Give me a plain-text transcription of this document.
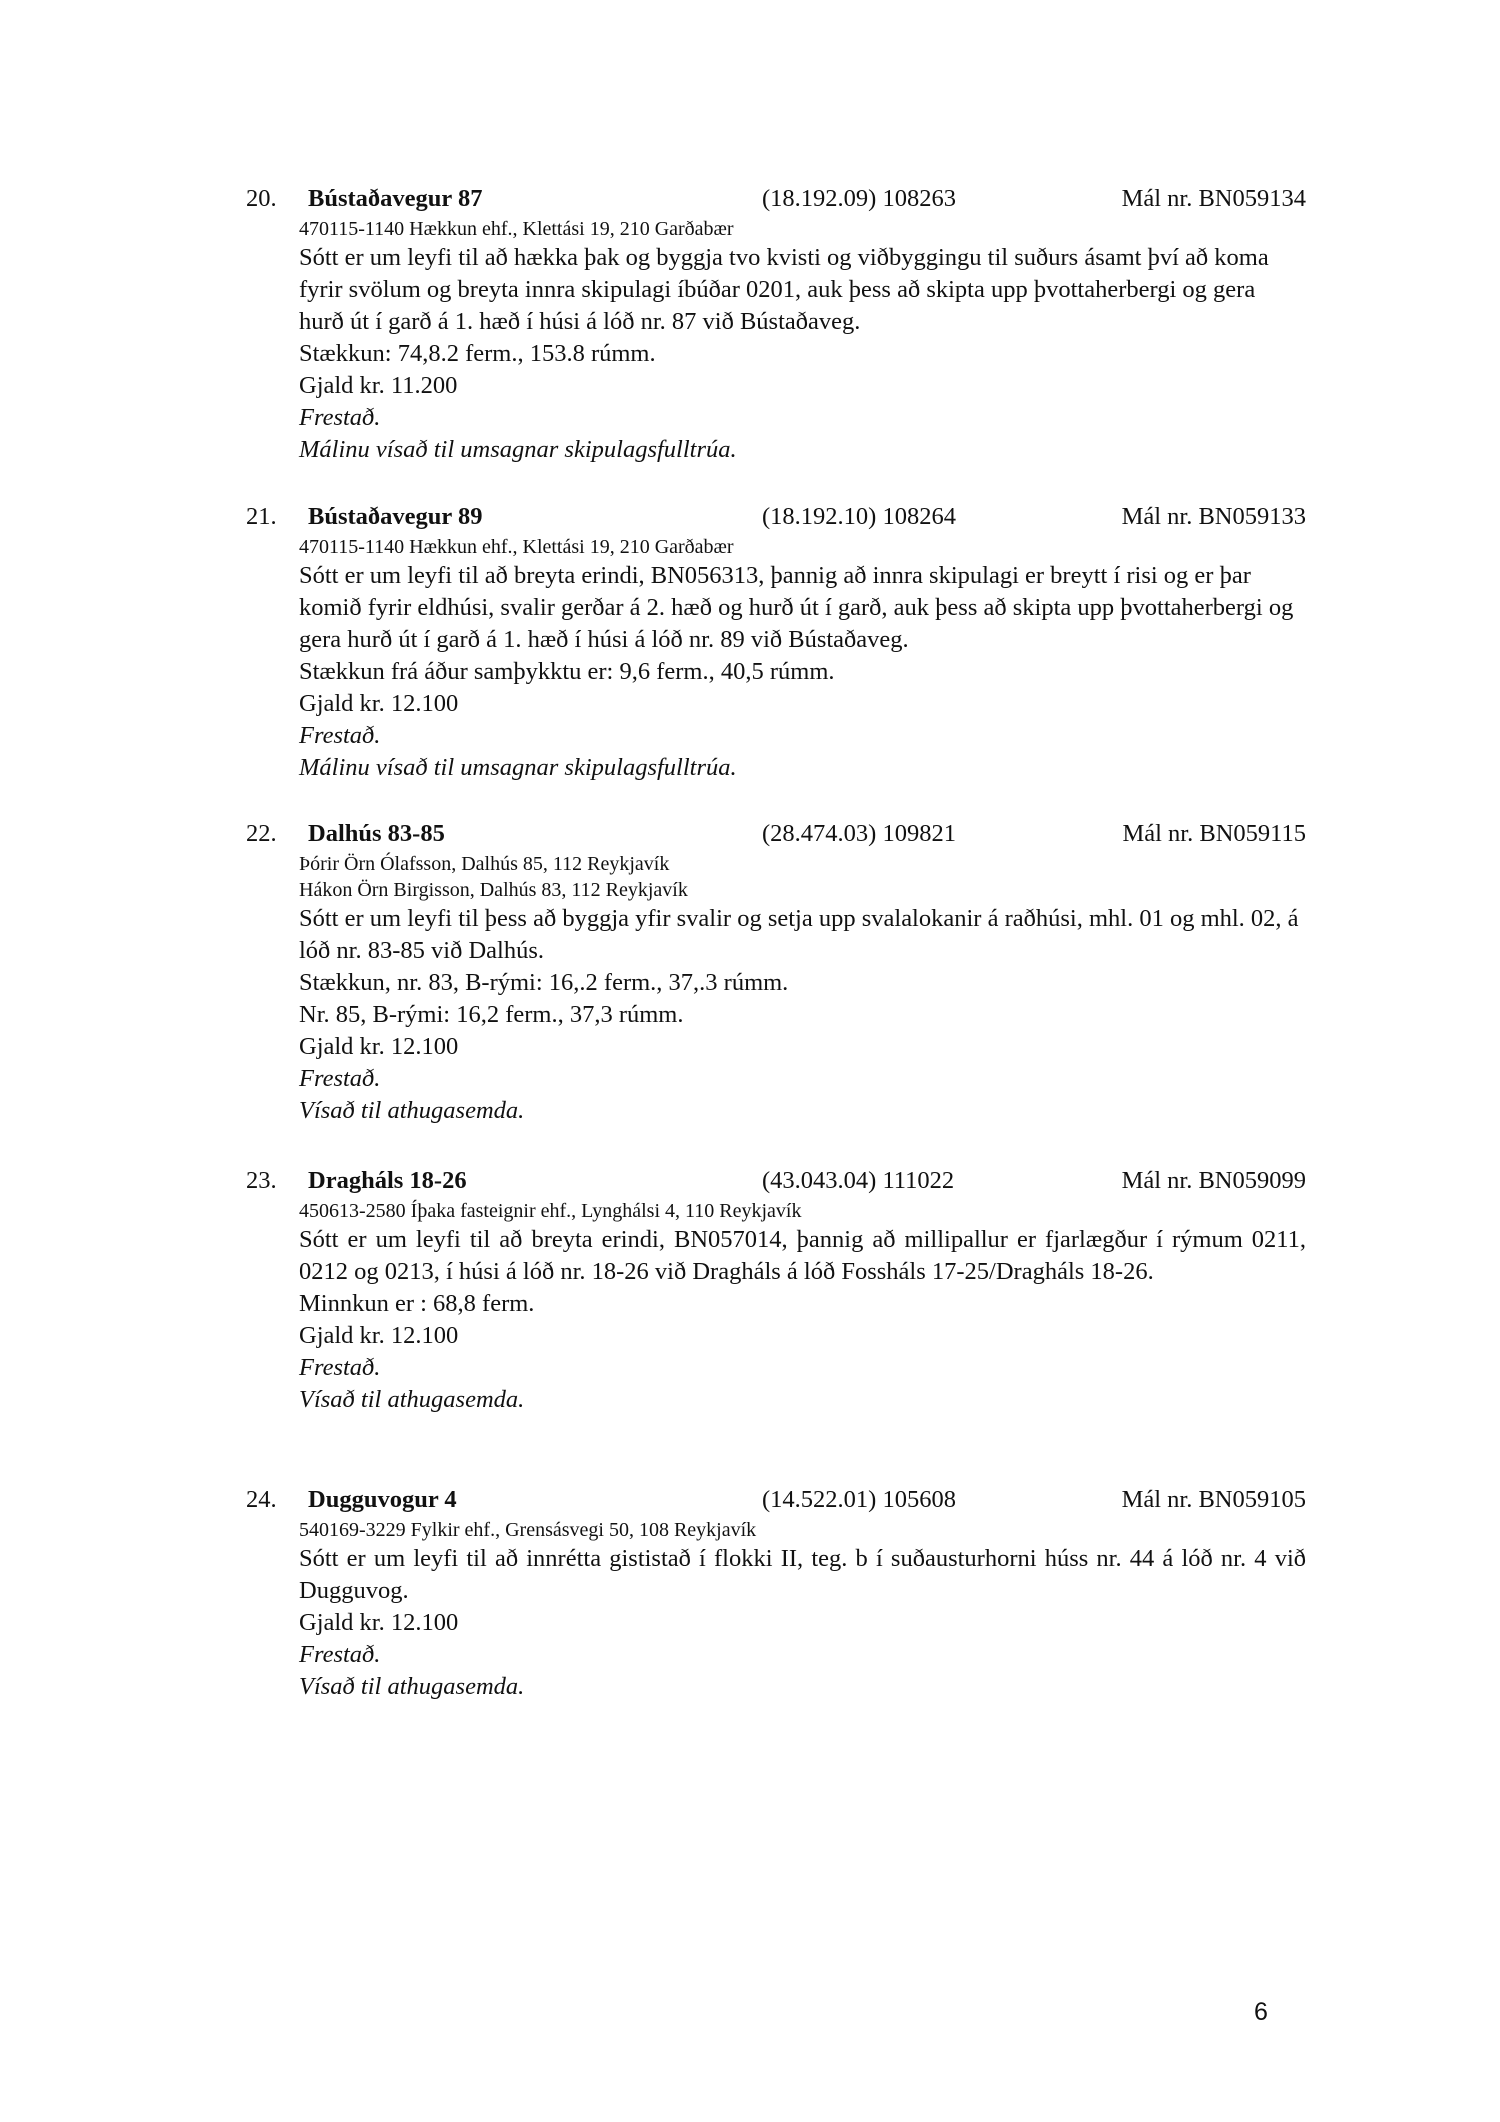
20. Bústaðavegur 87	(18.192.09) 108263	Mál nr. BN059134
470115-1140 Hækkun ehf., Klettási 19, 210 Garðabær
Sótt er um leyfi til að hækka þak og byggja tvo kvisti og viðbyggingu til suðurs ásamt því að koma fyrir svölum og breyta innra skipulagi íbúðar 0201, auk þess að skipta upp þvottaherbergi og gera hurð út í garð á 1. hæð í húsi á lóð nr. 87 við Bústaðaveg.
Stækkun: 74,8.2 ferm., 153.8 rúmm.
Gjald kr. 11.200
Frestað.
Málinu vísað til umsagnar skipulagsfulltrúa.
21. Bústaðavegur 89	(18.192.10) 108264	Mál nr. BN059133
470115-1140 Hækkun ehf., Klettási 19, 210 Garðabær
Sótt er um leyfi til að breyta erindi, BN056313, þannig að innra skipulagi er breytt í risi og er þar komið fyrir eldhúsi, svalir gerðar á 2. hæð og hurð út í garð, auk þess að skipta upp þvottaherbergi og gera hurð út í garð á 1. hæð í húsi á lóð nr. 89 við Bústaðaveg.
Stækkun frá áður samþykktu er: 9,6 ferm., 40,5 rúmm.
Gjald kr. 12.100
Frestað.
Málinu vísað til umsagnar skipulagsfulltrúa.
22. Dalhús 83-85	(28.474.03) 109821	Mál nr. BN059115
Þórir Örn Ólafsson, Dalhús 85, 112 Reykjavík
Hákon Örn Birgisson, Dalhús 83, 112 Reykjavík
Sótt er um leyfi til þess að byggja yfir svalir og setja upp svalalokanir á raðhúsi, mhl. 01 og mhl. 02, á lóð nr. 83-85 við Dalhús.
Stækkun, nr. 83, B-rými: 16,.2 ferm., 37,.3 rúmm.
Nr. 85, B-rými: 16,2 ferm., 37,3 rúmm.
Gjald kr. 12.100
Frestað.
Vísað til athugasemda.
23. Dragháls 18-26	(43.043.04) 111022	Mál nr. BN059099
450613-2580 Íþaka fasteignir ehf., Lynghálsi 4, 110 Reykjavík
Sótt er um leyfi til að breyta erindi, BN057014, þannig að millipallur er fjarlægður í rýmum 0211, 0212 og 0213, í húsi á lóð nr. 18-26 við Dragháls á lóð Fossháls 17-25/Dragháls 18-26.
Minnkun er : 68,8 ferm.
Gjald kr. 12.100
Frestað.
Vísað til athugasemda.
24. Dugguvogur 4	(14.522.01) 105608	Mál nr. BN059105
540169-3229 Fylkir ehf., Grensásvegi 50, 108 Reykjavík
Sótt er um leyfi til að innrétta gististað í flokki II, teg. b í suðausturhorni húss nr. 44 á lóð nr. 4 við Dugguvog.
Gjald kr. 12.100
Frestað.
Vísað til athugasemda.
6
